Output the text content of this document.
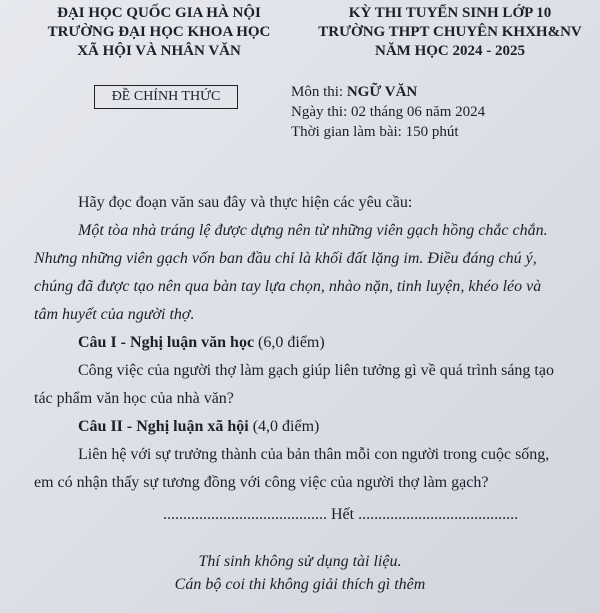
ĐẠI HỌC QUỐC GIA HÀ NỘI
TRƯỜNG ĐẠI HỌC KHOA HỌC
XÃ HỘI VÀ NHÂN VĂN
KỲ THI TUYỂN SINH LỚP 10
TRƯỜNG THPT CHUYÊN KHXH&NV
NĂM HỌC 2024 - 2025
ĐỀ CHÍNH THỨC	Môn thi: NGỮ VĂN
Ngày thi: 02 tháng 06 năm 2024
Thời gian làm bài: 150 phút
Hãy đọc đoạn văn sau đây và thực hiện các yêu cầu:
Một tòa nhà tráng lệ được dựng nên từ những viên gạch hồng chắc chắn.
Nhưng những viên gạch vốn ban đầu chỉ là khối đất lặng im. Điều đáng chú ý,
chúng đã được tạo nên qua bàn tay lựa chọn, nhào nặn, tinh luyện, khéo léo và
tâm huyết của người thợ.
Câu I - Nghị luận văn học (6,0 điểm)
Công việc của người thợ làm gạch giúp liên tưởng gì về quá trình sáng tạo
tác phẩm văn học của nhà văn?
Câu II - Nghị luận xã hội (4,0 điểm)
Liên hệ với sự trưởng thành của bản thân mỗi con người trong cuộc sống,
em có nhận thấy sự tương đồng với công việc của người thợ làm gạch?
......................................... Hết ........................................
Thí sinh không sử dụng tài liệu.
Cán bộ coi thi không giải thích gì thêm
